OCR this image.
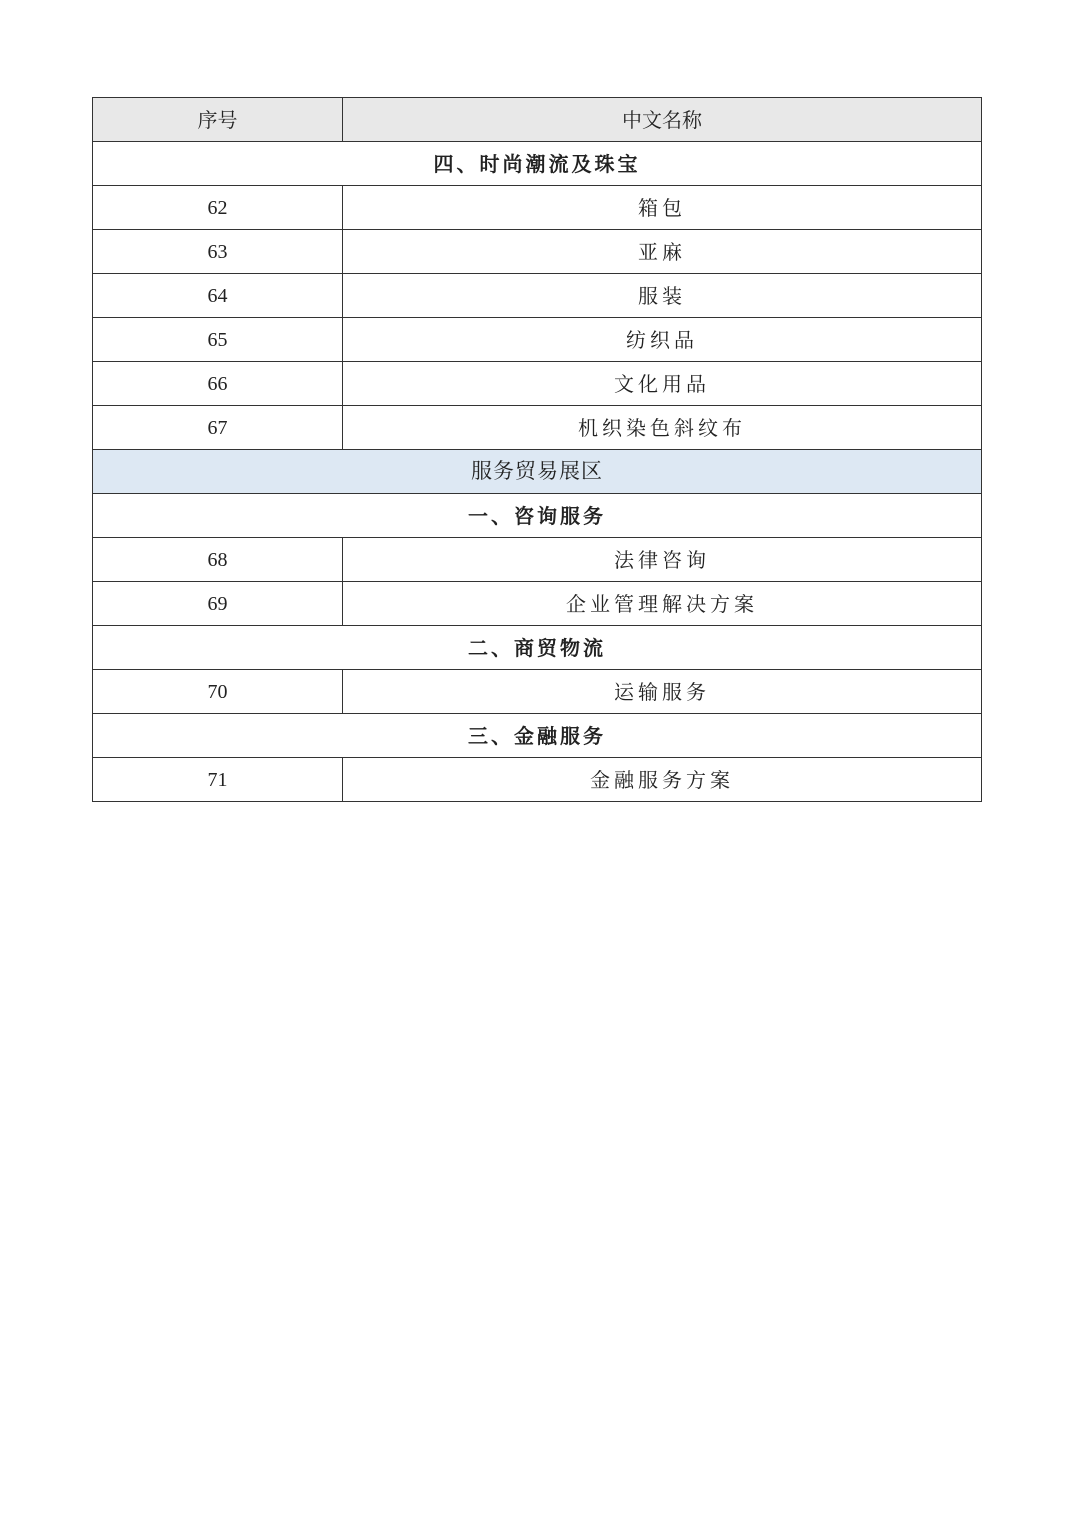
序号	中文名称
四、时尚潮流及珠宝	
62	箱包
63	亚麻
64	服装
65	纺织品
66	文化用品
67	机织染色斜纹布
服务贸易展区	
一、咨询服务	
68	法律咨询
69	企业管理解决方案
二、商贸物流	
70	运输服务
三、金融服务	
71	金融服务方案
